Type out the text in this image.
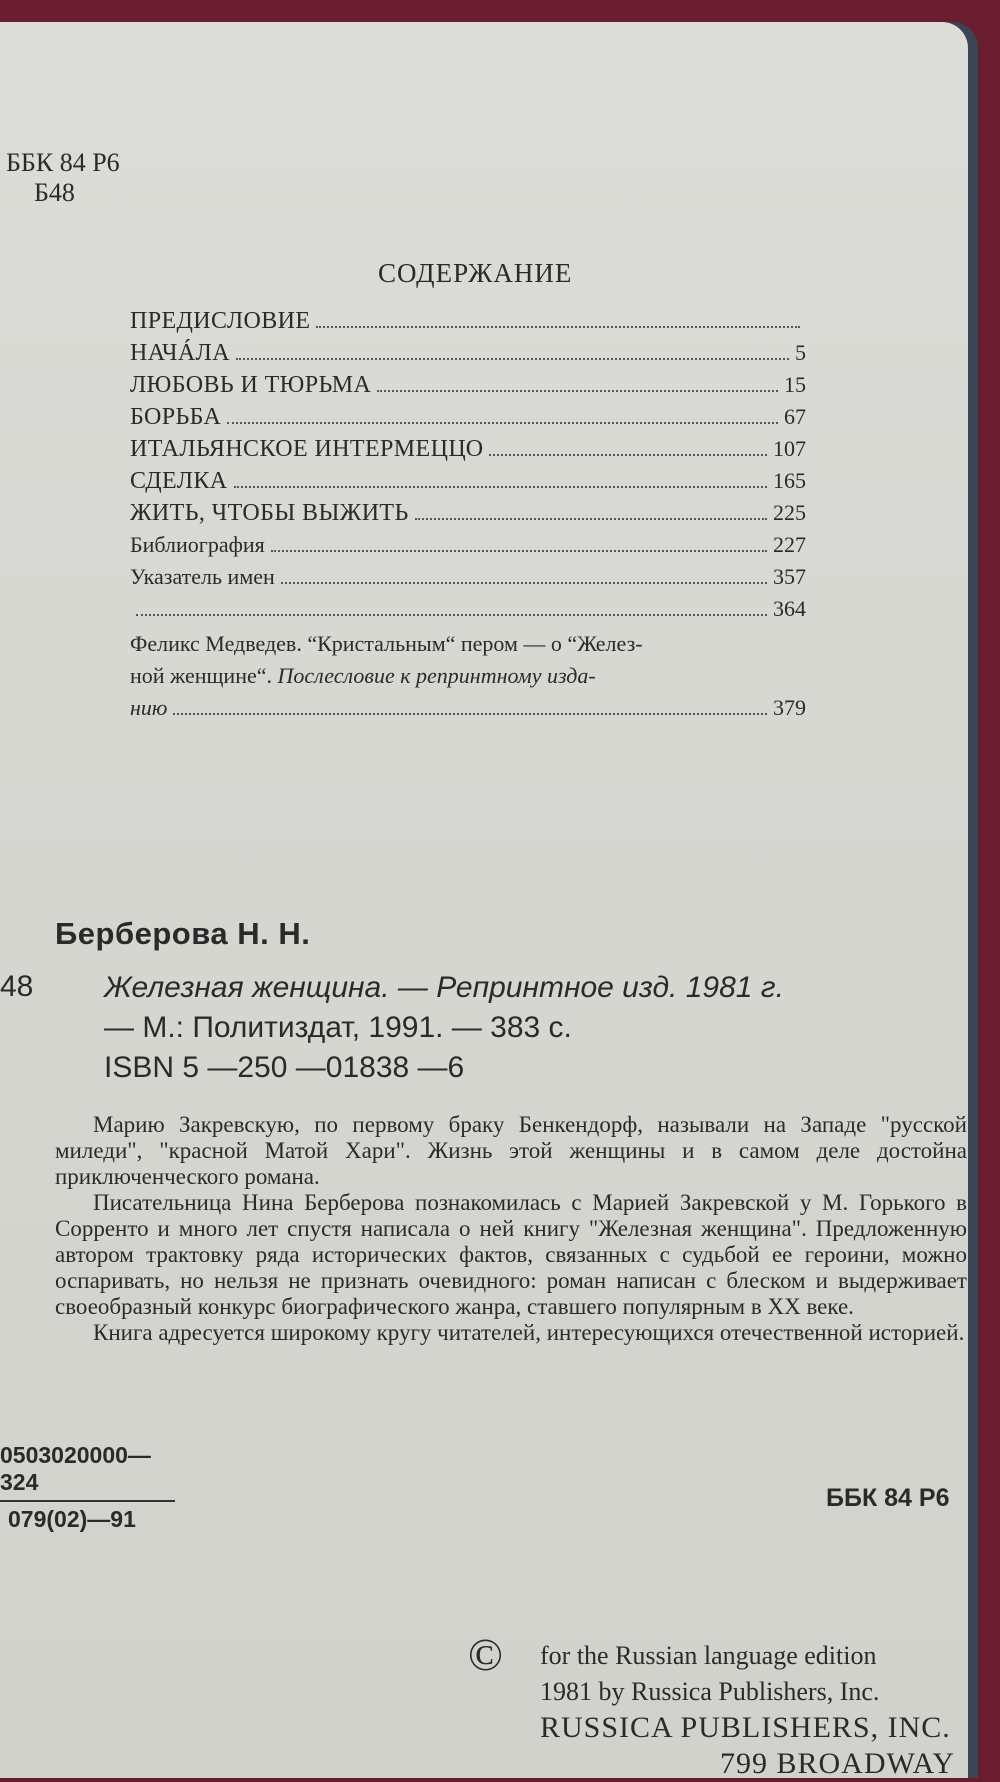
ББК 84 Р6
Б48
СОДЕРЖАНИЕ
ПРЕДИСЛОВИЕ
НАЧÁЛА	5
ЛЮБОВЬ И ТЮРЬМА	15
БОРЬБА	67
ИТАЛЬЯНСКОЕ ИНТЕРМЕЦЦО	107
СДЕЛКА	165
ЖИТЬ, ЧТОБЫ ВЫЖИТЬ	225
Библиография	227
Указатель имен	357
364
Феликс Медведев. “Кристальным“ пером — о “Желез-
ной женщине“. Послесловие к репринтному изда-
нию	379
Берберова Н. Н.
48 Железная женщина. — Репринтное изд. 1981 г.
— М.: Политиздат, 1991. — 383 с.
ISBN 5 —250 —01838 —6

Марию Закревскую, по первому браку Бенкендорф, называли на Западе "русской миледи", "красной Матой Хари". Жизнь этой женщины и в самом деле достойна приключенческого романа.

Писательница Нина Берберова познакомилась с Марией Закревской у М. Горького в Сорренто и много лет спустя написала о ней книгу "Железная женщина". Предложенную автором трактовку ряда исторических фактов, связанных с судьбой ее героини, можно оспаривать, но нельзя не признать очевидного: роман написан с блеском и выдерживает своеобразный конкурс биографического жанра, ставшего популярным в XX веке.

Книга адресуется широкому кругу читателей, интересующихся отечественной историей.

$\frac{0503020000—324}{079(02)—91}$	ББК 84 Р6
© for the Russian language edition
1981 by Russica Publishers, Inc.
RUSSICA PUBLISHERS, INC.
799 BROADWAY
